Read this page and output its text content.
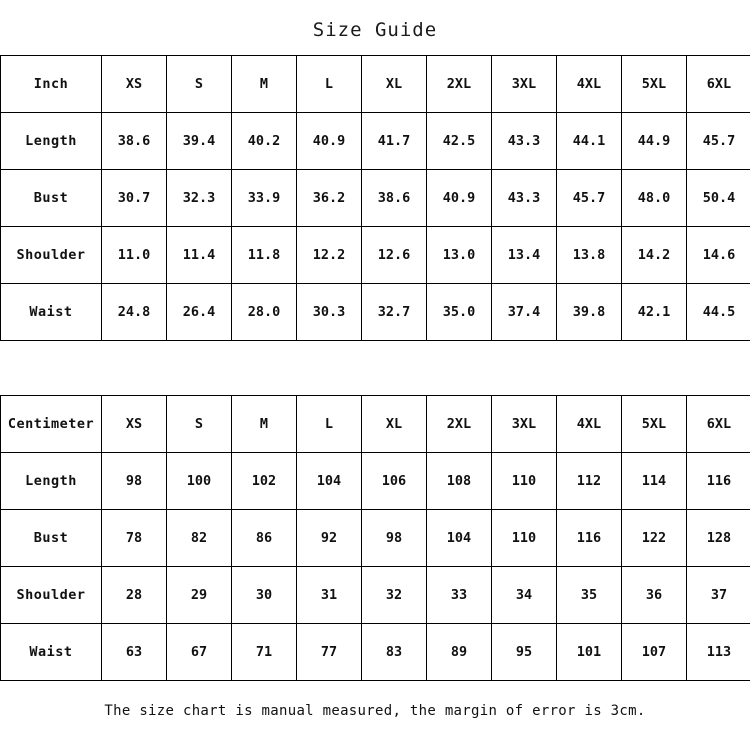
Size Guide
Inch	XS	S	M	L	XL	2XL	3XL	4XL	5XL	6XL
Length	38.6	39.4	40.2	40.9	41.7	42.5	43.3	44.1	44.9	45.7
Bust	30.7	32.3	33.9	36.2	38.6	40.9	43.3	45.7	48.0	50.4
Shoulder	11.0	11.4	11.8	12.2	12.6	13.0	13.4	13.8	14.2	14.6
Waist	24.8	26.4	28.0	30.3	32.7	35.0	37.4	39.8	42.1	44.5
Centimeter	XS	S	M	L	XL	2XL	3XL	4XL	5XL	6XL
Length	98	100	102	104	106	108	110	112	114	116
Bust	78	82	86	92	98	104	110	116	122	128
Shoulder	28	29	30	31	32	33	34	35	36	37
Waist	63	67	71	77	83	89	95	101	107	113
The size chart is manual measured, the margin of error is 3cm.
